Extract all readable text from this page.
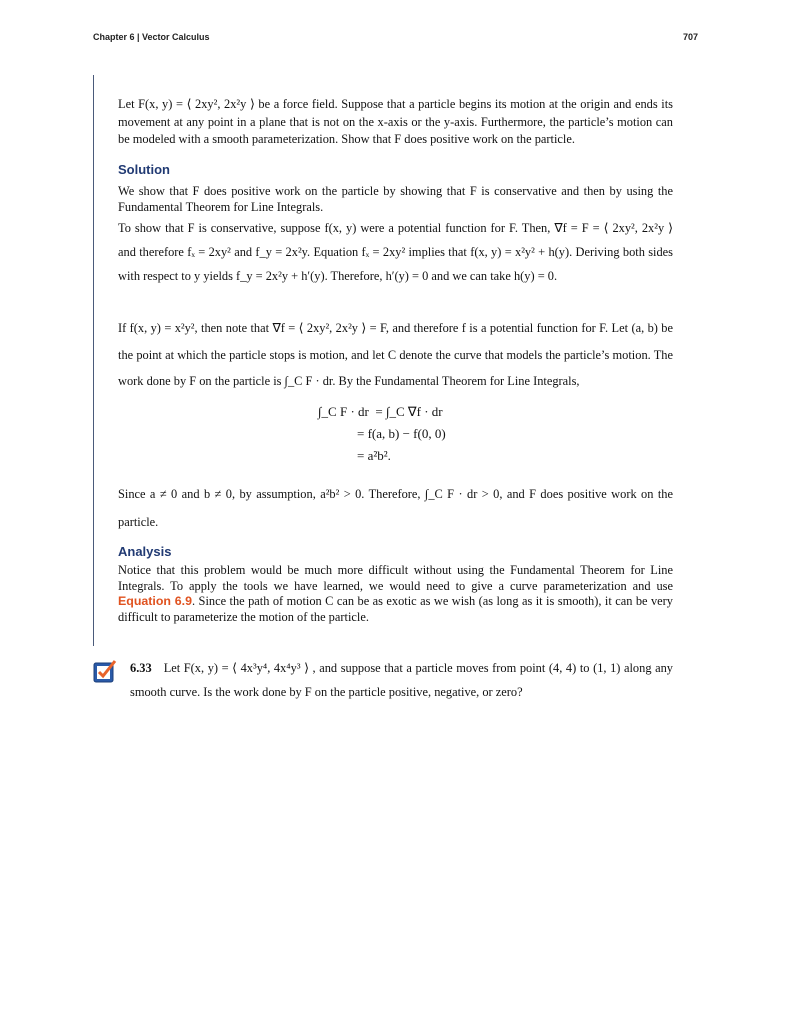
Chapter 6 | Vector Calculus	707

Let F(x, y) = ⟨ 2xy², 2x²y ⟩ be a force field. Suppose that a particle begins its motion at the origin and ends its movement at any point in a plane that is not on the x-axis or the y-axis. Furthermore, the particle’s motion can be modeled with a smooth parameterization. Show that F does positive work on the particle.

Solution

We show that F does positive work on the particle by showing that F is conservative and then by using the Fundamental Theorem for Line Integrals.

To show that F is conservative, suppose f(x, y) were a potential function for F. Then, ∇f = F = ⟨ 2xy², 2x²y ⟩ and therefore fₓ = 2xy² and f_y = 2x²y. Equation fₓ = 2xy² implies that f(x, y) = x²y² + h(y). Deriving both sides with respect to y yields f_y = 2x²y + h′(y). Therefore, h′(y) = 0 and we can take h(y) = 0.

If f(x, y) = x²y², then note that ∇f = ⟨ 2xy², 2x²y ⟩ = F, and therefore f is a potential function for F. Let (a, b) be the point at which the particle stops is motion, and let C denote the curve that models the particle’s motion. The work done by F on the particle is ∫_C F · dr. By the Fundamental Theorem for Line Integrals,

∫_C F · dr  = ∫_C ∇f · dr
= f(a, b) − f(0, 0)
= a²b².

Since a ≠ 0 and b ≠ 0, by assumption, a²b² > 0. Therefore, ∫_C F · dr > 0, and F does positive work on the particle.

Analysis

Notice that this problem would be much more difficult without using the Fundamental Theorem for Line Integrals. To apply the tools we have learned, we would need to give a curve parameterization and use Equation 6.9. Since the path of motion C can be as exotic as we wish (as long as it is smooth), it can be very difficult to parameterize the motion of the particle.

6.33 Let F(x, y) = ⟨ 4x³y⁴, 4x⁴y³ ⟩ , and suppose that a particle moves from point (4, 4) to (1, 1) along any smooth curve. Is the work done by F on the particle positive, negative, or zero?
